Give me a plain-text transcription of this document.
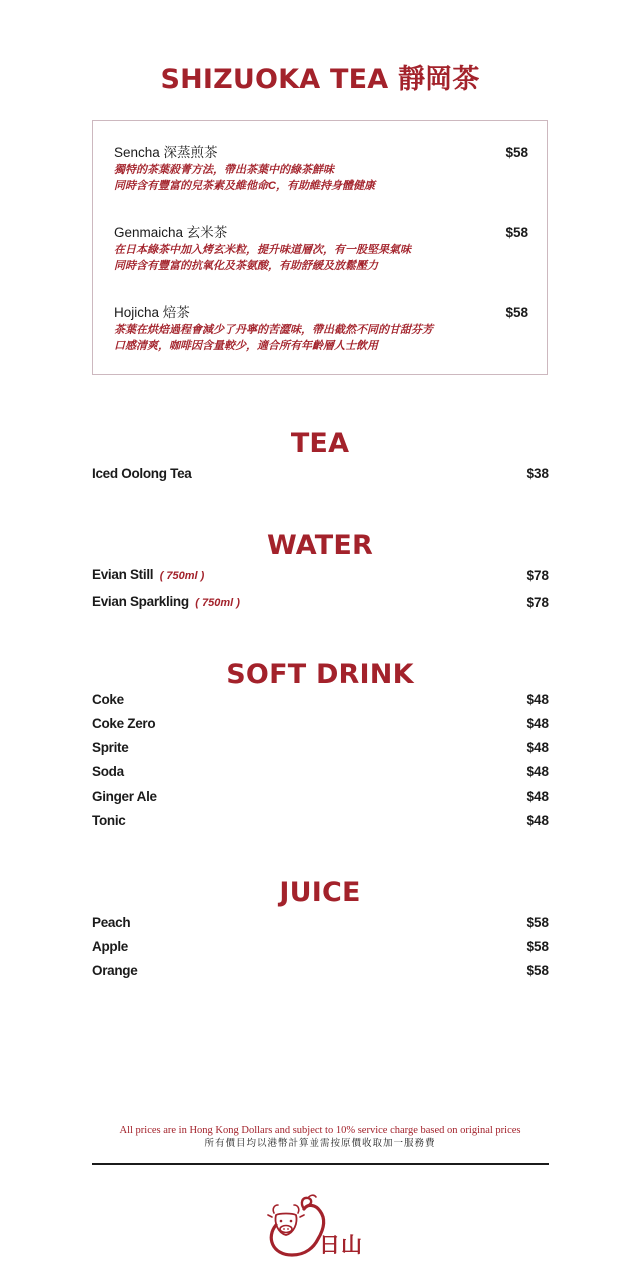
SHIZUOKA TEA 靜岡茶
Sencha 深蒸煎茶	$58
獨特的茶葉殺菁方法，帶出茶葉中的綠茶鮮味
同時含有豐富的兒茶素及維他命C，有助維持身體健康
Genmaicha 玄米茶	$58
在日本綠茶中加入烤玄米粒，提升味道層次，有一股堅果氣味
同時含有豐富的抗氧化及茶氨酸，有助舒緩及放鬆壓力
Hojicha 焙茶	$58
茶葉在烘焙過程會減少了丹寧的苦澀味，帶出截然不同的甘甜芬芳
口感清爽，咖啡因含量較少，適合所有年齡層人士飲用
TEA
Iced Oolong Tea	$38
WATER
Evian Still ( 750ml )	$78
Evian Sparkling ( 750ml )	$78
SOFT DRINK
Coke	$48
Coke Zero	$48
Sprite	$48
Soda	$48
Ginger Ale	$48
Tonic	$48
JUICE
Peach	$58
Apple	$58
Orange	$58
All prices are in Hong Kong Dollars and subject to 10% service charge based on original prices
所有價目均以港幣計算並需按原價收取加一服務費
日山
